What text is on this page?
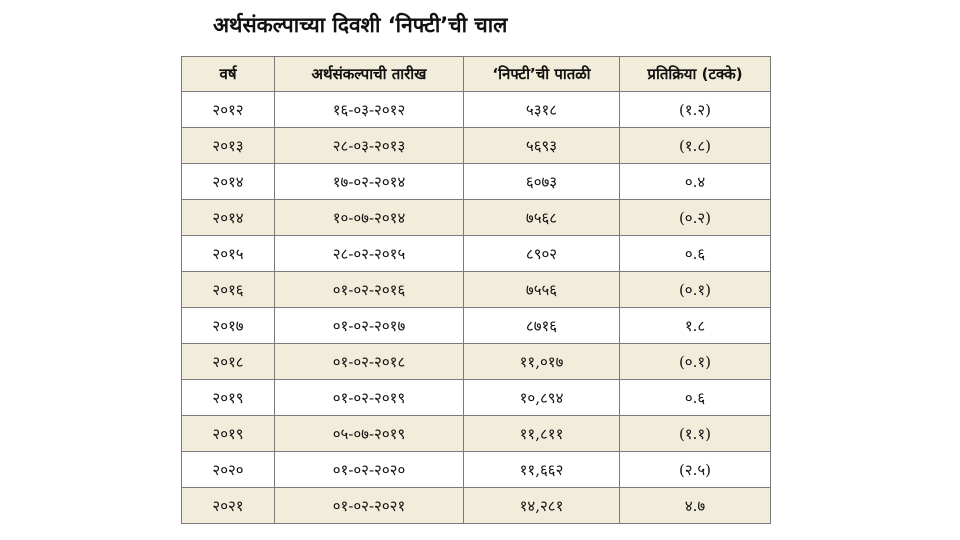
अर्थसंकल्पाच्या दिवशी ‘निफ्टी’ची चाल
वर्ष	अर्थसंकल्पाची तारीख	‘निफ्टी’ची पातळी	प्रतिक्रिया (टक्के)
२०१२	१६-०३-२०१२	५३१८	(१.२)
२०१३	२८-०३-२०१३	५६९३	(१.८)
२०१४	१७-०२-२०१४	६०७३	०.४
२०१४	१०-०७-२०१४	७५६८	(०.२)
२०१५	२८-०२-२०१५	८९०२	०.६
२०१६	०१-०२-२०१६	७५५६	(०.१)
२०१७	०१-०२-२०१७	८७१६	१.८
२०१८	०१-०२-२०१८	११,०१७	(०.१)
२०१९	०१-०२-२०१९	१०,८९४	०.६
२०१९	०५-०७-२०१९	११,८११	(१.१)
२०२०	०१-०२-२०२०	११,६६२	(२.५)
२०२१	०१-०२-२०२१	१४,२८१	४.७
